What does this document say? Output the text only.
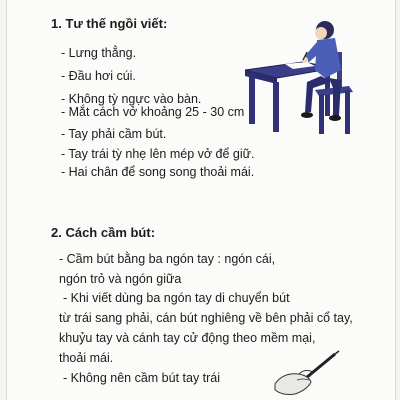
1. Tư thế ngồi viết:
- Lưng thẳng.
- Đầu hơi cúi.
- Không tỳ ngực vào bàn.
- Mắt cách vở khoảng 25 - 30 cm
- Tay phải cầm bút.
- Tay trái tỳ nhẹ lên mép vở để giữ.
- Hai chân để song song thoải mái.
2. Cách cầm bút:
- Cầm bút bằng ba ngón tay : ngón cái,
ngón trỏ và ngón giữa
- Khi viết dùng ba ngón tay di chuyển bút
từ trái sang phải, cán bút nghiêng về bên phải cổ tay,
khuỷu tay và cánh tay cử động theo mềm mại,
thoải mái.
- Không nên cầm bút tay trái
